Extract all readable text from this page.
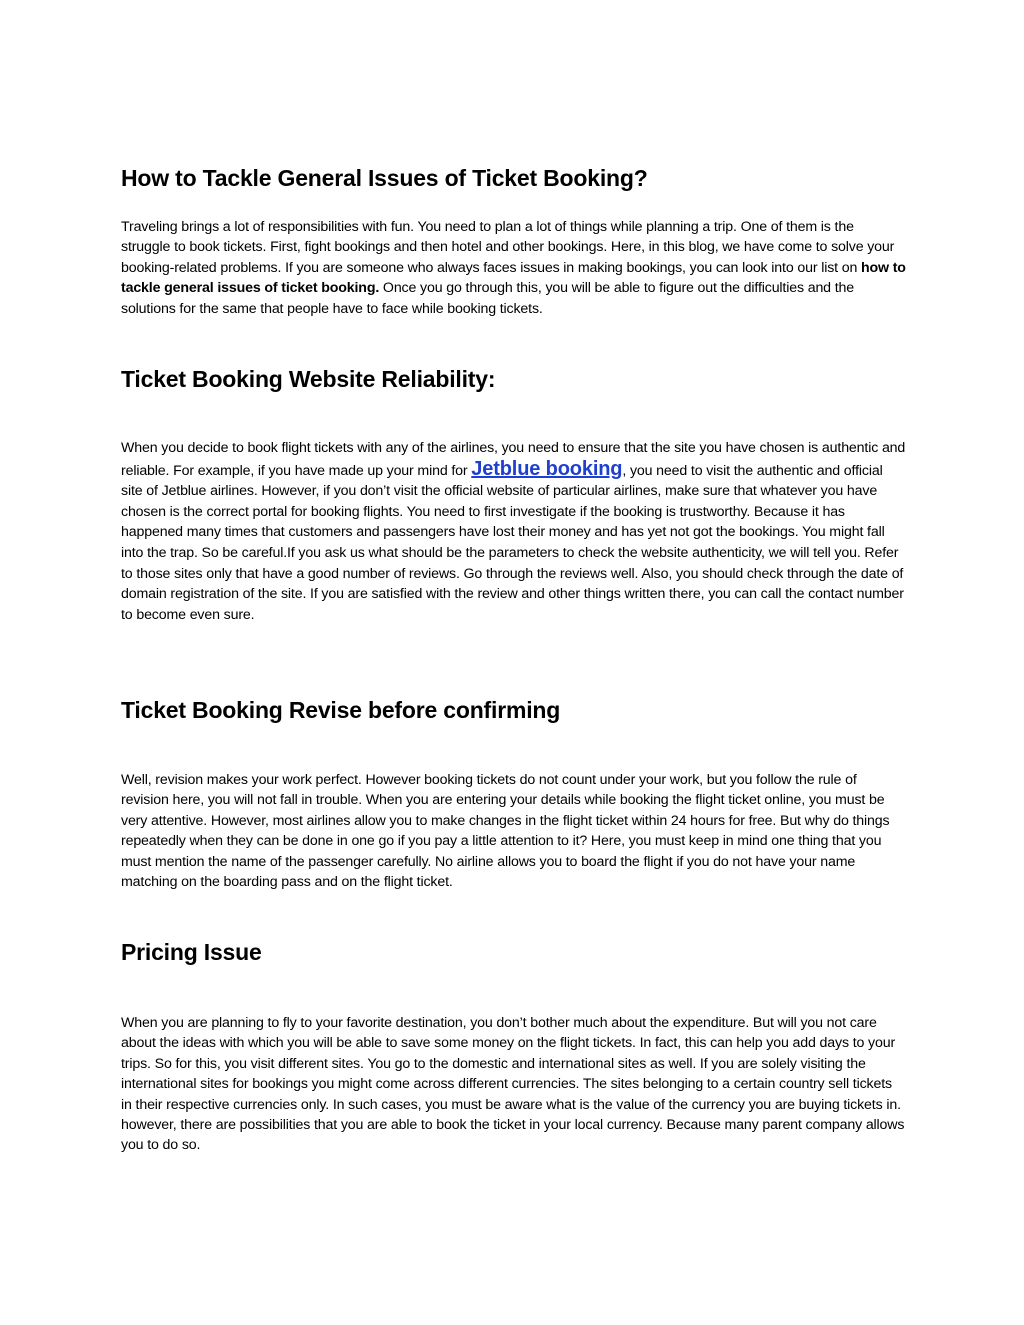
How to Tackle General Issues of Ticket Booking?

Traveling brings a lot of responsibilities with fun. You need to plan a lot of things while planning a trip. One of them is the struggle to book tickets. First, fight bookings and then hotel and other bookings. Here, in this blog, we have come to solve your booking-related problems. If you are someone who always faces issues in making bookings, you can look into our list on how to tackle general issues of ticket booking. Once you go through this, you will be able to figure out the difficulties and the solutions for the same that people have to face while booking tickets.

Ticket Booking Website Reliability:

When you decide to book flight tickets with any of the airlines, you need to ensure that the site you have chosen is authentic and reliable. For example, if you have made up your mind for Jetblue booking, you need to visit the authentic and official site of Jetblue airlines. However, if you don’t visit the official website of particular airlines, make sure that whatever you have chosen is the correct portal for booking flights. You need to first investigate if the booking is trustworthy. Because it has happened many times that customers and passengers have lost their money and has yet not got the bookings. You might fall into the trap. So be careful.If you ask us what should be the parameters to check the website authenticity, we will tell you. Refer to those sites only that have a good number of reviews. Go through the reviews well. Also, you should check through the date of domain registration of the site. If you are satisfied with the review and other things written there, you can call the contact number to become even sure.

Ticket Booking Revise before confirming

Well, revision makes your work perfect. However booking tickets do not count under your work, but you follow the rule of revision here, you will not fall in trouble. When you are entering your details while booking the flight ticket online, you must be very attentive. However, most airlines allow you to make changes in the flight ticket within 24 hours for free. But why do things repeatedly when they can be done in one go if you pay a little attention to it? Here, you must keep in mind one thing that you must mention the name of the passenger carefully. No airline allows you to board the flight if you do not have your name matching on the boarding pass and on the flight ticket.

Pricing Issue

When you are planning to fly to your favorite destination, you don’t bother much about the expenditure. But will you not care about the ideas with which you will be able to save some money on the flight tickets. In fact, this can help you add days to your trips. So for this, you visit different sites. You go to the domestic and international sites as well. If you are solely visiting the international sites for bookings you might come across different currencies. The sites belonging to a certain country sell tickets in their respective currencies only. In such cases, you must be aware what is the value of the currency you are buying tickets in. however, there are possibilities that you are able to book the ticket in your local currency. Because many parent company allows you to do so.
